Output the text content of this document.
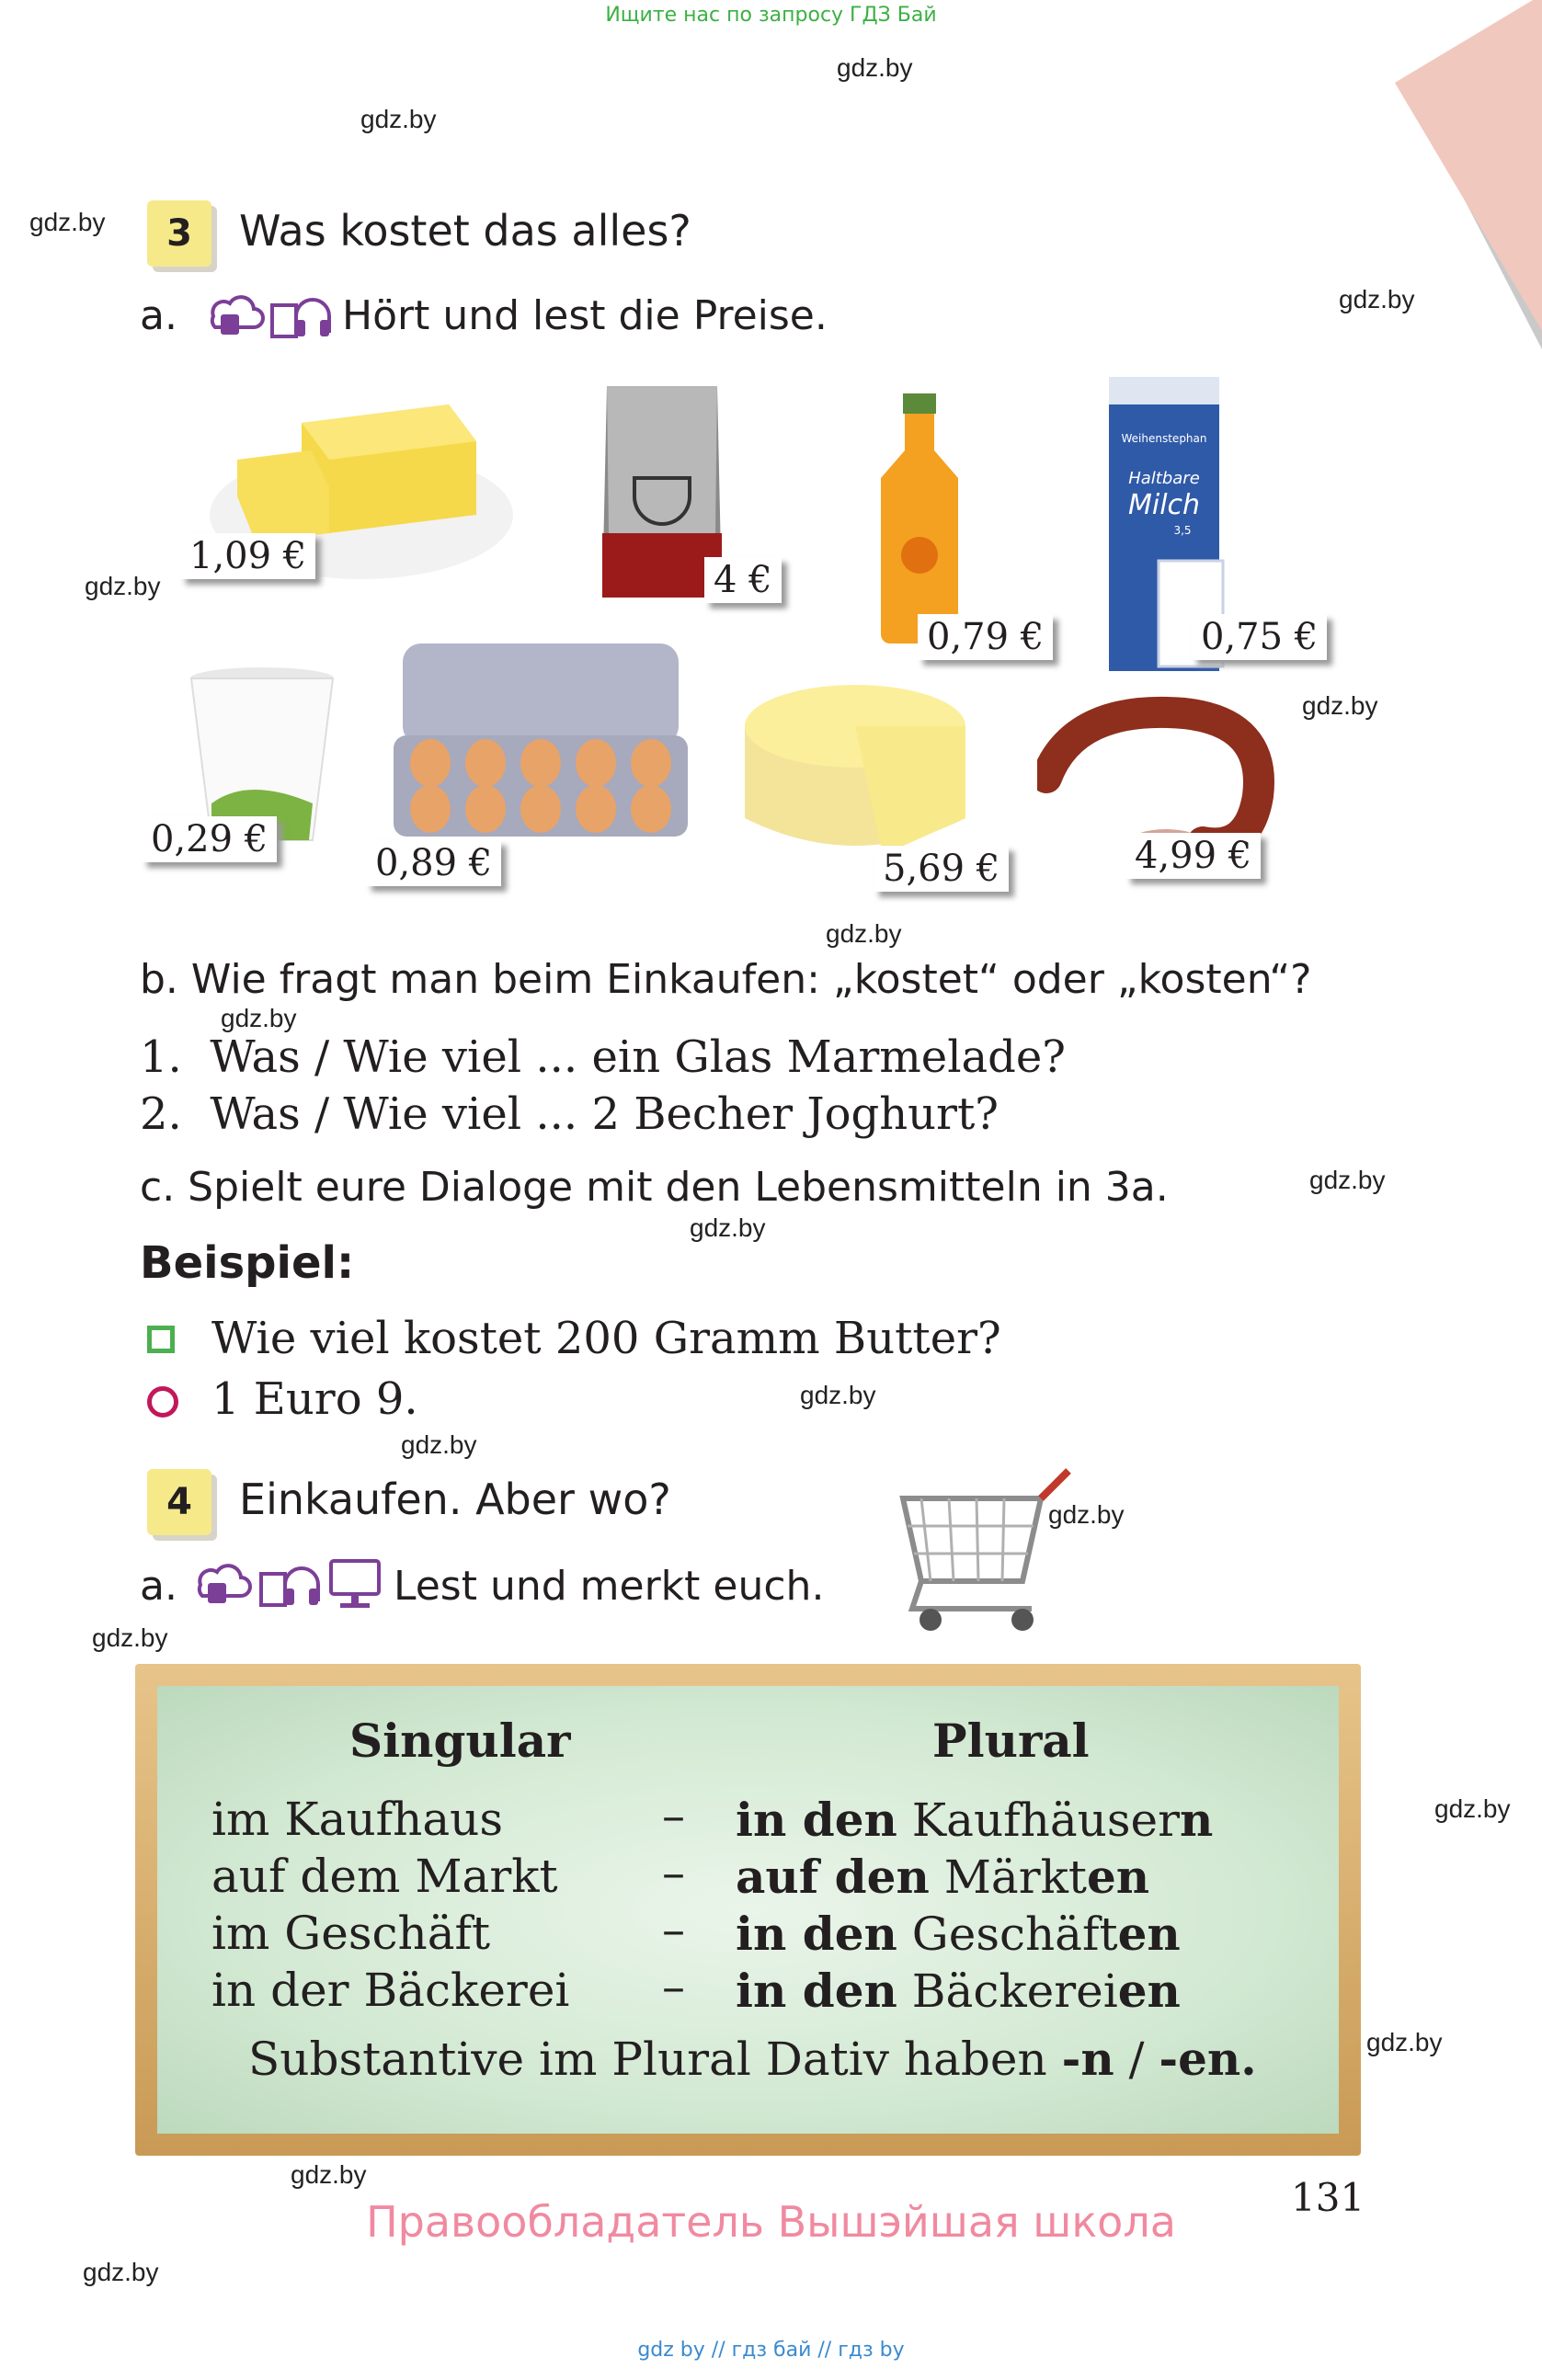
Ищите нас по запросу ГДЗ Бай
gdz.by
gdz.by
gdz.by
gdz.by
gdz.by
gdz.by
gdz.by
gdz.by
gdz.by
gdz.by
gdz.by
gdz.by
gdz.by
gdz.by
gdz.by
gdz.by
gdz.by
gdz.by
3	Was kostet das alles?
a.	Hört und lest die Preise.
1,09 €
4 €
0,79 €
Weihenstephan
Haltbare
Milch
3,5
0,75 €
0,29 €
0,89 €	5,69 €	4,99 €
b. Wie fragt man beim Einkaufen: „kostet“ oder „kosten“?
1.  Was / Wie viel ... ein Glas Marmelade?
2.  Was / Wie viel ... 2 Becher Joghurt?
c. Spielt eure Dialoge mit den Lebensmitteln in 3a.
Beispiel:
Wie viel kostet 200 Gramm Butter?
1 Euro 9.
4	Einkaufen. Aber wo?
a.	Lest und merkt euch.
Singular	Plural
im Kaufhaus	– in den Kaufhäusern
auf dem Markt – auf den Märkten
im Geschäft	– in den Geschäften
in der Bäckerei – in den Bäckereien
Substantive im Plural Dativ haben -n / -en.
131
Правообладатель Вышэйшая школа
gdz by // гдз бай // гдз by
